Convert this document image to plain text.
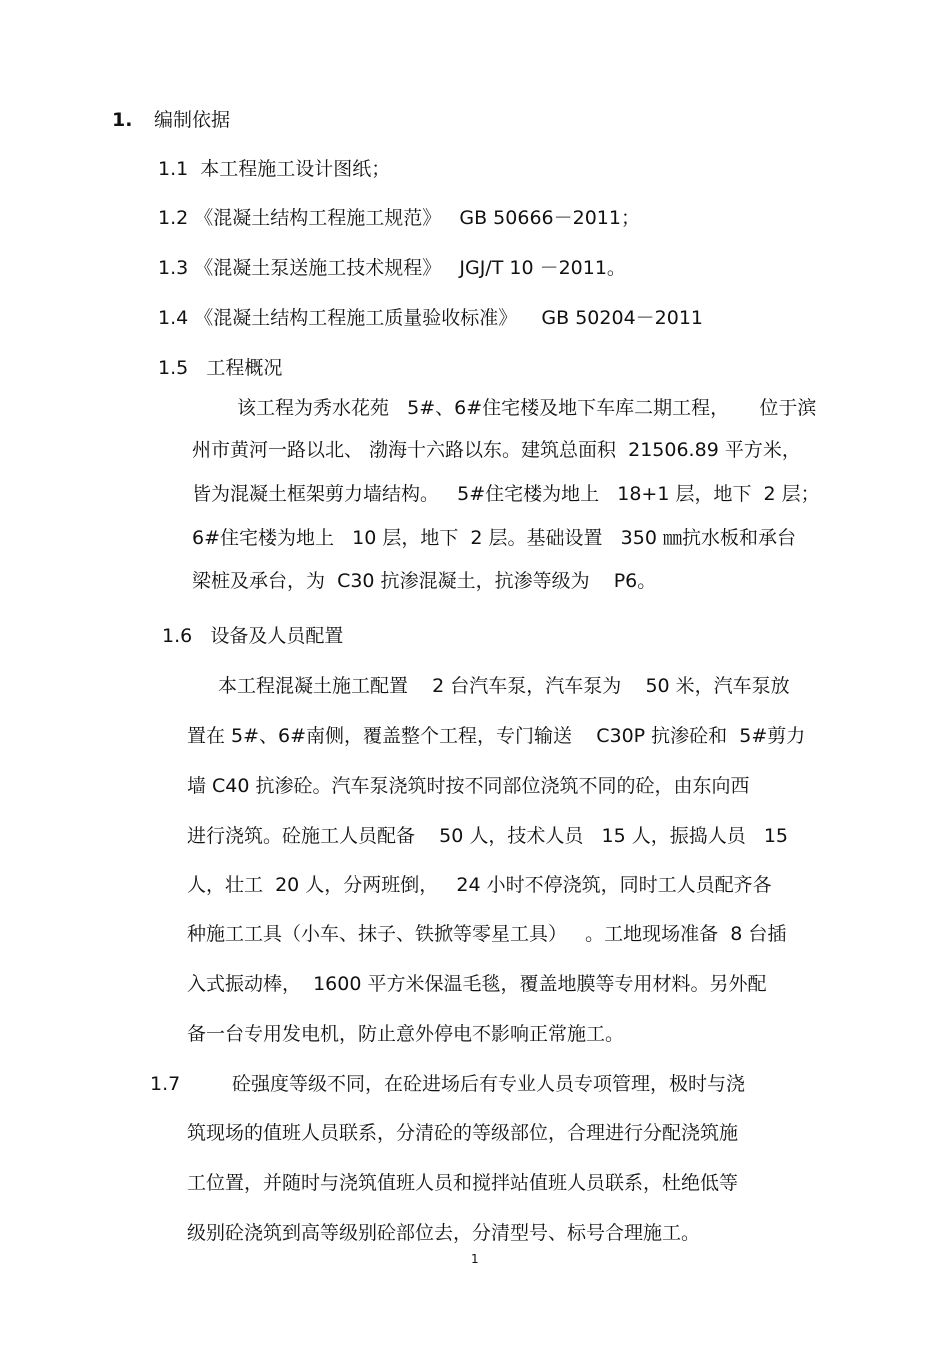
1. 编制依据
1.1  本工程施工设计图纸；
1.2 《混凝土结构工程施工规范》   GB 50666－2011；
1.3 《混凝土泵送施工技术规程》   JGJ/T 10 －2011。
1.4 《混凝土结构工程施工质量验收标准》    GB 50204－2011
1.5   工程概况
该工程为秀水花苑   5#、6#住宅楼及地下车库二期工程，     位于滨
州市黄河一路以北、 渤海十六路以东。建筑总面积  21506.89 平方米，
皆为混凝土框架剪力墙结构。   5#住宅楼为地上   18+1 层，地下  2 层；
6#住宅楼为地上   10 层，地下  2 层。基础设置   350 ㎜抗水板和承台
梁桩及承台，为  C30 抗渗混凝土，抗渗等级为    P6。
1.6   设备及人员配置
本工程混凝土施工配置    2 台汽车泵，汽车泵为    50 米，汽车泵放
置在 5#、6#南侧，覆盖整个工程，专门输送    C30P 抗渗砼和  5#剪力
墙 C40 抗渗砼。汽车泵浇筑时按不同部位浇筑不同的砼，由东向西
进行浇筑。砼施工人员配备    50 人，技术人员   15 人，振捣人员   15
人，壮工  20 人，分两班倒，   24 小时不停浇筑，同时工人员配齐各
种施工工具（小车、抹子、铁掀等零星工具）   。工地现场准备  8 台插
入式振动棒，  1600 平方米保温毛毯，覆盖地膜等专用材料。另外配
备一台专用发电机，防止意外停电不影响正常施工。
1.7	砼强度等级不同，在砼进场后有专业人员专项管理，极时与浇
筑现场的值班人员联系，分清砼的等级部位，合理进行分配浇筑施
工位置，并随时与浇筑值班人员和搅拌站值班人员联系，杜绝低等
级别砼浇筑到高等级别砼部位去，分清型号、标号合理施工。
1
